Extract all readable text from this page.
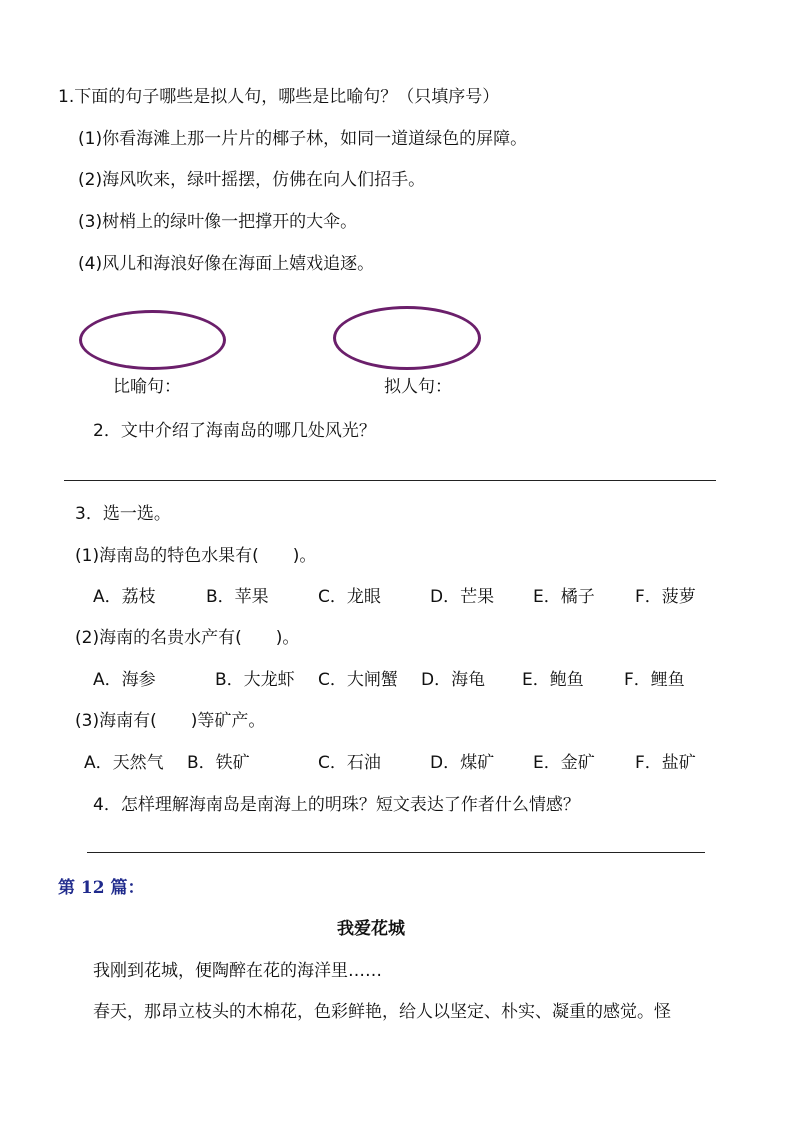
1.下面的句子哪些是拟人句，哪些是比喻句？（只填序号）
(1)你看海滩上那一片片的椰子林，如同一道道绿色的屏障。
(2)海风吹来，绿叶摇摆，仿佛在向人们招手。
(3)树梢上的绿叶像一把撑开的大伞。
(4)风儿和海浪好像在海面上嬉戏追逐。
比喻句：	拟人句：
2．文中介绍了海南岛的哪几处风光？
3．选一选。
(1)海南岛的特色水果有(　　)。
A．荔枝	B．苹果	C．龙眼	D．芒果 E．橘子 F．菠萝
(2)海南的名贵水产有(　　)。
A．海参	B．大龙虾 C．大闸蟹 D．海龟 E．鲍鱼 F．鲤鱼
(3)海南有(　　)等矿产。
A．天然气 B．铁矿	C．石油	D．煤矿 E．金矿 F．盐矿
4．怎样理解海南岛是南海上的明珠？短文表达了作者什么情感？
第 12 篇：
我爱花城
我刚到花城，便陶醉在花的海洋里……
春天，那昂立枝头的木棉花，色彩鲜艳，给人以坚定、朴实、凝重的感觉。怪
